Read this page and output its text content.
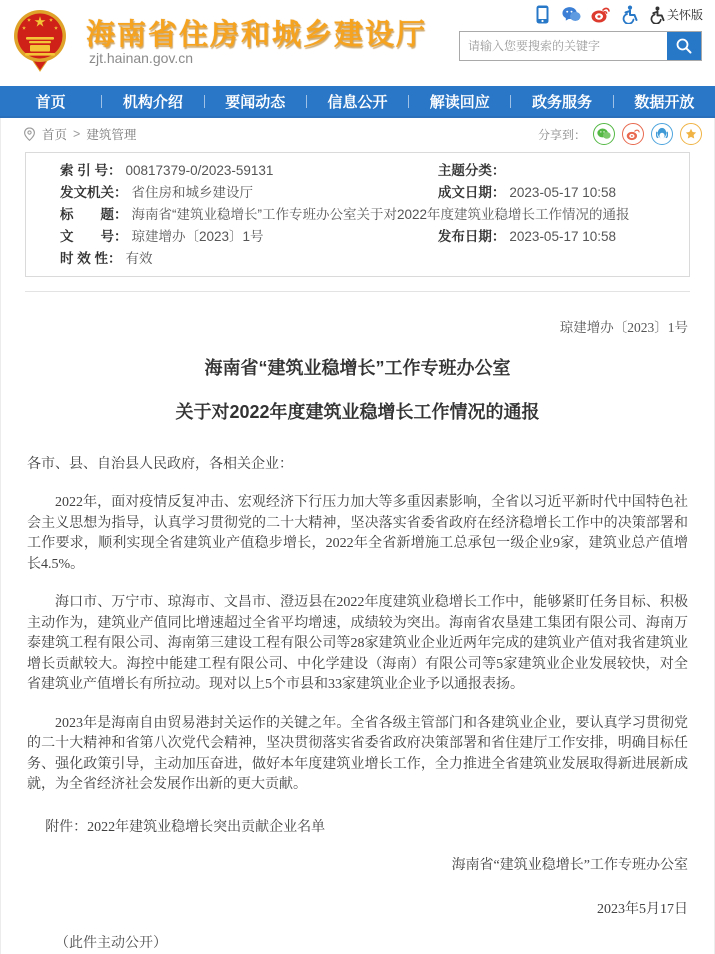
海南省住房和城乡建设厅
zjt.hainan.gov.cn
关怀版
请输入您要搜索的关键字
首页	机构介绍	要闻动态	信息公开	解读回应	政务服务	数据开放
首页 > 建筑管理	分享到：
索 引 号： 00817379-0/2023-59131	主题分类：
发文机关： 省住房和城乡建设厅	成文日期： 2023-05-17 10:58
标　　题： 海南省“建筑业稳增长”工作专班办公室关于对2022年度建筑业稳增长工作情况的通报
文　　号： 琼建增办〔2023〕1号	发布日期： 2023-05-17 10:58
时 效 性： 有效
琼建增办〔2023〕1号
海南省“建筑业稳增长”工作专班办公室
关于对2022年度建筑业稳增长工作情况的通报
各市、县、自治县人民政府，各相关企业：

2022年，面对疫情反复冲击、宏观经济下行压力加大等多重因素影响，全省以习近平新时代中国特色社会主义思想为指导，认真学习贯彻党的二十大精神，坚决落实省委省政府在经济稳增长工作中的决策部署和工作要求，顺利实现全省建筑业产值稳步增长，2022年全省新增施工总承包一级企业9家，建筑业总产值增长4.5%。

海口市、万宁市、琼海市、文昌市、澄迈县在2022年度建筑业稳增长工作中，能够紧盯任务目标、积极主动作为，建筑业产值同比增速超过全省平均增速，成绩较为突出。海南省农垦建工集团有限公司、海南万泰建筑工程有限公司、海南第三建设工程有限公司等28家建筑业企业近两年完成的建筑业产值对我省建筑业增长贡献较大。海控中能建工程有限公司、中化学建设（海南）有限公司等5家建筑业企业发展较快，对全省建筑业产值增长有所拉动。现对以上5个市县和33家建筑业企业予以通报表扬。

2023年是海南自由贸易港封关运作的关键之年。全省各级主管部门和各建筑业企业，要认真学习贯彻党的二十大精神和省第八次党代会精神，坚决贯彻落实省委省政府决策部署和省住建厅工作安排，明确目标任务、强化政策引导，主动加压奋进，做好本年度建筑业增长工作，全力推进全省建筑业发展取得新进展新成就，为全省经济社会发展作出新的更大贡献。

附件：2022年建筑业稳增长突出贡献企业名单
海南省“建筑业稳增长”工作专班办公室
2023年5月17日
（此件主动公开）
